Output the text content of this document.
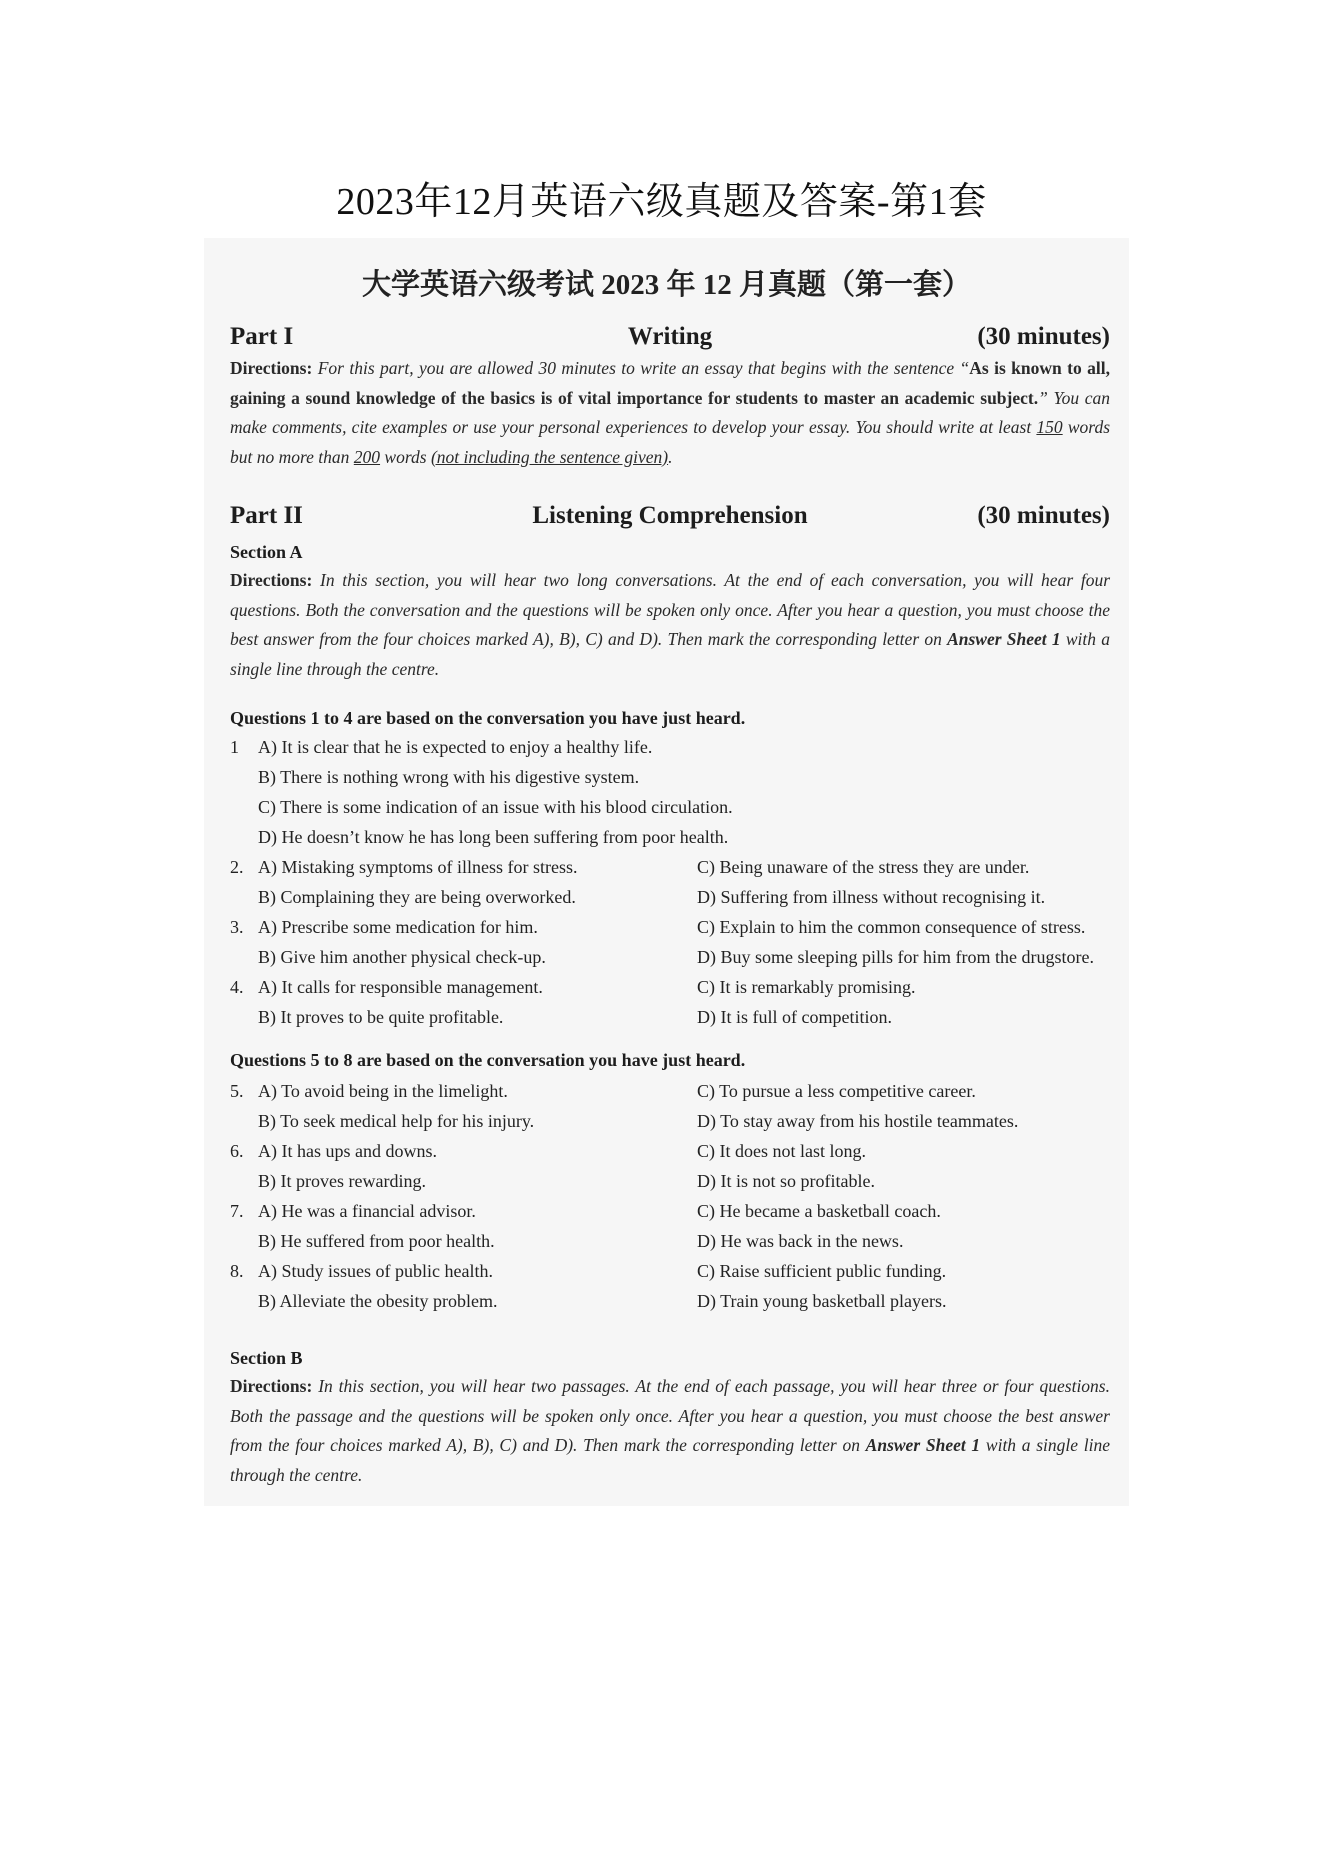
2023年12月英语六级真题及答案-第1套
大学英语六级考试 2023 年 12 月真题（第一套）
Part I	Writing	(30 minutes)
Directions: For this part, you are allowed 30 minutes to write an essay that begins with the sentence “As is known to all, gaining a sound knowledge of the basics is of vital importance for students to master an academic subject.” You can make comments, cite examples or use your personal experiences to develop your essay. You should write at least 150 words but no more than 200 words (not including the sentence given).
Part II	Listening Comprehension	(30 minutes)
Section A
Directions: In this section, you will hear two long conversations. At the end of each conversation, you will hear four questions. Both the conversation and the questions will be spoken only once. After you hear a question, you must choose the best answer from the four choices marked A), B), C) and D). Then mark the corresponding letter on Answer Sheet 1 with a single line through the centre.
Questions 1 to 4 are based on the conversation you have just heard.
1 A) It is clear that he is expected to enjoy a healthy life.
B) There is nothing wrong with his digestive system.
C) There is some indication of an issue with his blood circulation.
D) He doesn’t know he has long been suffering from poor health.
2. A) Mistaking symptoms of illness for stress.	C) Being unaware of the stress they are under.
B) Complaining they are being overworked.	D) Suffering from illness without recognising it.
3. A) Prescribe some medication for him.	C) Explain to him the common consequence of stress.
B) Give him another physical check-up.	D) Buy some sleeping pills for him from the drugstore.
4. A) It calls for responsible management.	C) It is remarkably promising.
B) It proves to be quite profitable.	D) It is full of competition.
Questions 5 to 8 are based on the conversation you have just heard.
5. A) To avoid being in the limelight.	C) To pursue a less competitive career.
B) To seek medical help for his injury.	D) To stay away from his hostile teammates.
6. A) It has ups and downs.	C) It does not last long.
B) It proves rewarding.	D) It is not so profitable.
7. A) He was a financial advisor.	C) He became a basketball coach.
B) He suffered from poor health.	D) He was back in the news.
8. A) Study issues of public health.	C) Raise sufficient public funding.
B) Alleviate the obesity problem.	D) Train young basketball players.
Section B
Directions: In this section, you will hear two passages. At the end of each passage, you will hear three or four questions. Both the passage and the questions will be spoken only once. After you hear a question, you must choose the best answer from the four choices marked A), B), C) and D). Then mark the corresponding letter on Answer Sheet 1 with a single line through the centre.
